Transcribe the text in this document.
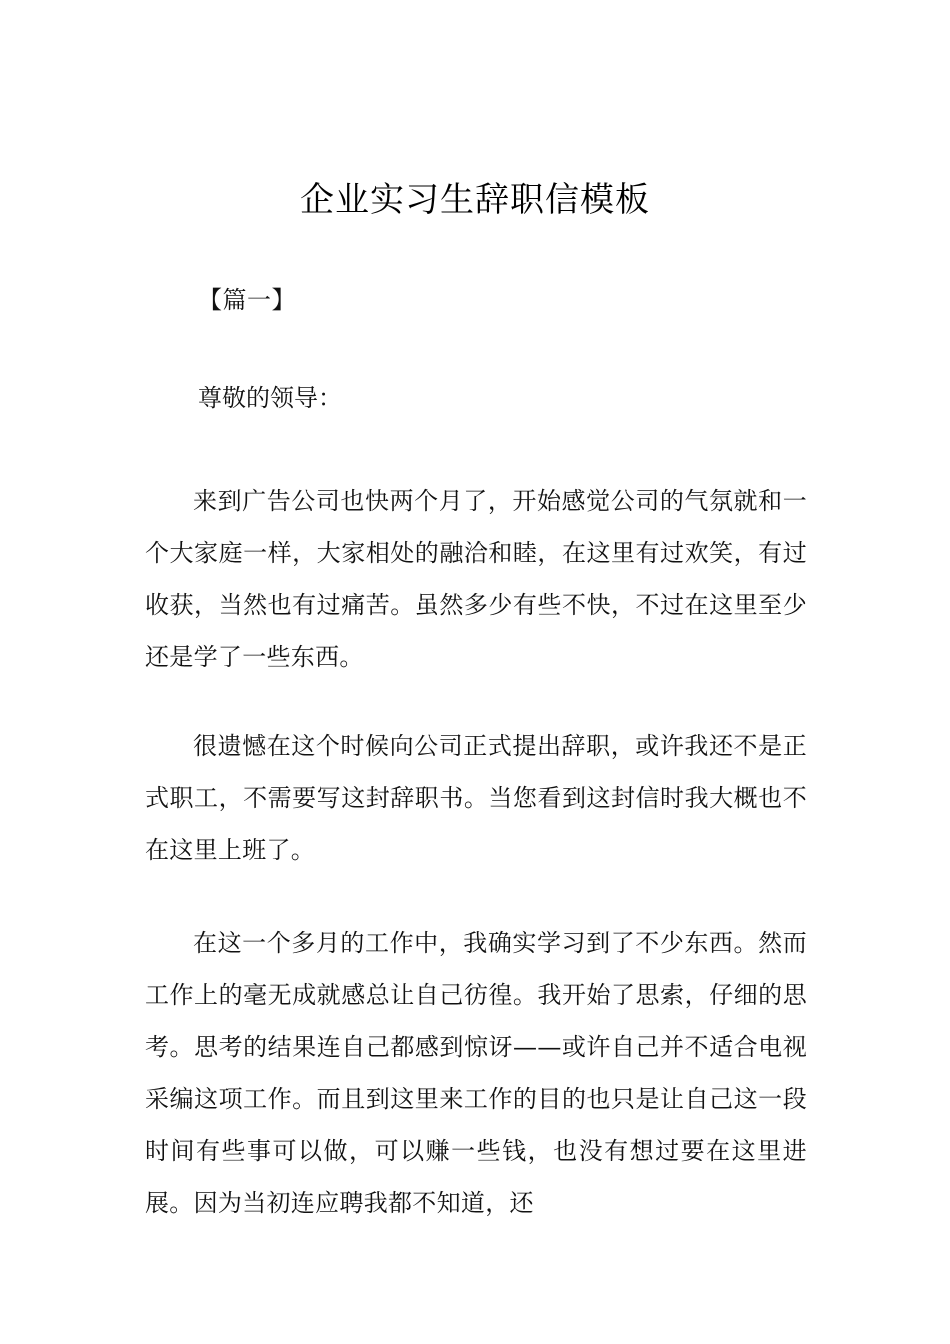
企业实习生辞职信模板
【篇一】
尊敬的领导：

来到广告公司也快两个月了，开始感觉公司的气氛就和一个大家庭一样，大家相处的融洽和睦，在这里有过欢笑，有过收获，当然也有过痛苦。虽然多少有些不快，不过在这里至少还是学了一些东西。

很遗憾在这个时候向公司正式提出辞职，或许我还不是正式职工，不需要写这封辞职书。当您看到这封信时我大概也不在这里上班了。

在这一个多月的工作中，我确实学习到了不少东西。然而工作上的毫无成就感总让自己彷徨。我开始了思索，仔细的思考。思考的结果连自己都感到惊讶——或许自己并不适合电视采编这项工作。而且到这里来工作的目的也只是让自己这一段时间有些事可以做，可以赚一些钱，也没有想过要在这里进展。因为当初连应聘我都不知道，还
